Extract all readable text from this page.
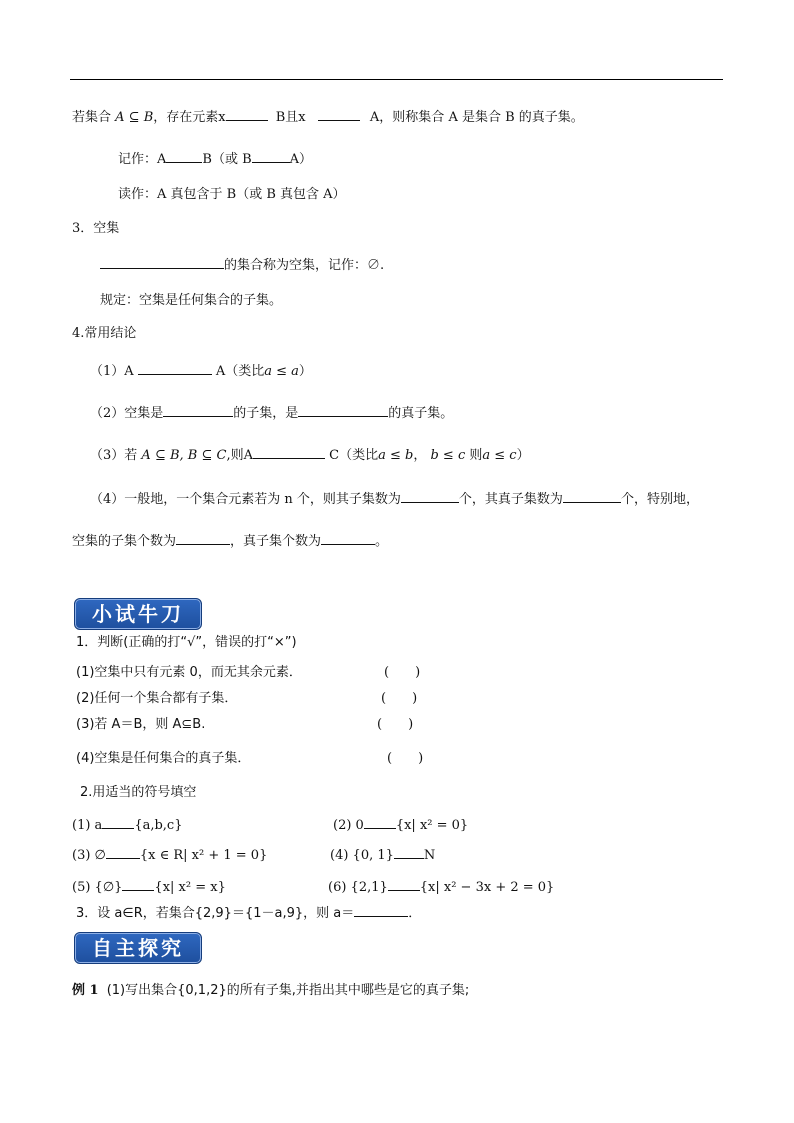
若集合 A ⊆ B，存在元素x	B且x	A，则称集合 A 是集合 B 的真子集。
记作：A	B（或 B	A）
读作：A 真包含于 B（或 B 真包含 A）
3．空集
的集合称为空集，记作：∅.
规定：空集是任何集合的子集。
4.常用结论
（1）A	A（类比a ≤ a）
（2）空集是	的子集，是	的真子集。
（3）若 A ⊆ B, B ⊆ C,则A	C（类比a ≤ b， b ≤ c 则a ≤ c）
（4）一般地，一个集合元素若为 n 个，则其子集数为	个，其真子集数为	个，特别地，
空集的子集个数为	，真子集个数为	。
小试牛刀
1．判断(正确的打“√”，错误的打“×”)
(1)空集中只有元素 0，而无其余元素．	(　　)
(2)任何一个集合都有子集．	(　　)
(3)若 A＝B，则 A⊆B.	(　　)
(4)空集是任何集合的真子集．	(　　)
2.用适当的符号填空
(1) a {a,b,c}	(2) 0 {x| x² = 0}
(3) ∅	{x ∈ R| x² + 1 = 0}	(4) {0, 1} N
(5) {∅} {x| x² = x}	(6) {2,1} {x| x² − 3x + 2 = 0}
3．设 a∈R，若集合{2,9}＝{1－a,9}，则 a＝	．
自主探究
例 1 (1)写出集合{0,1,2}的所有子集,并指出其中哪些是它的真子集;
